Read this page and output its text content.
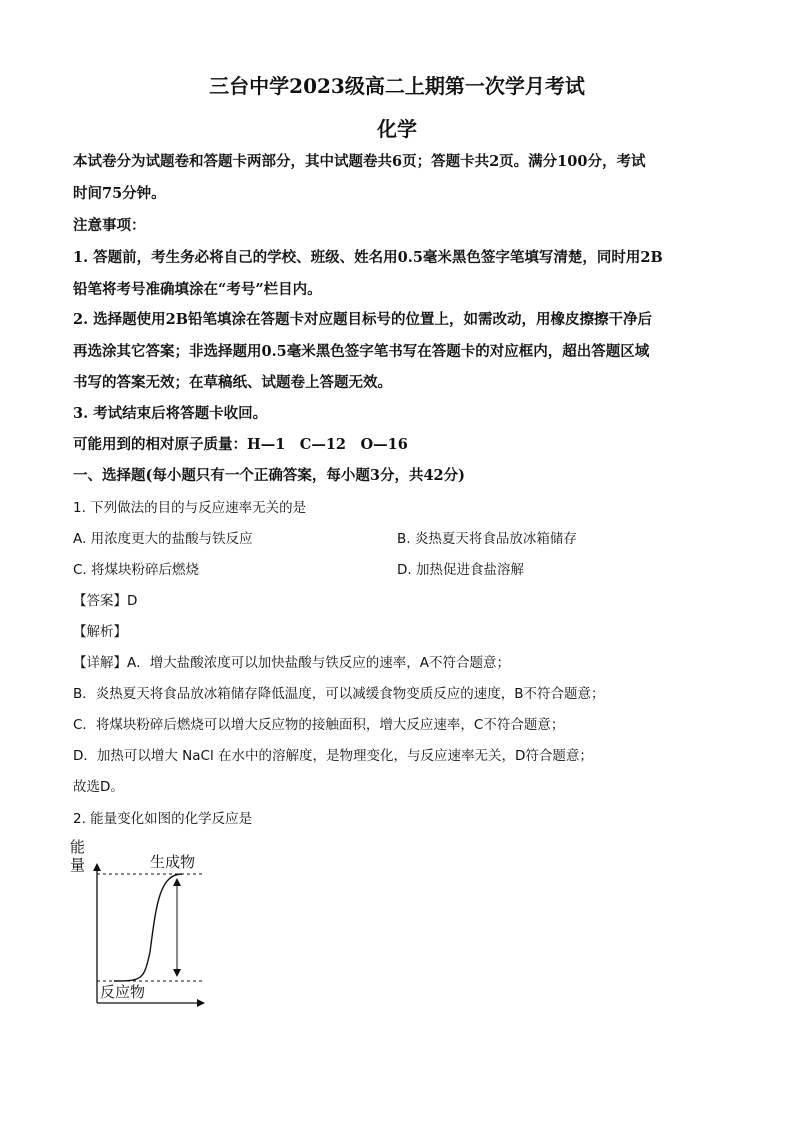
三台中学2023级高二上期第一次学月考试
化学
本试卷分为试题卷和答题卡两部分，其中试题卷共6页；答题卡共2页。满分100分，考试
时间75分钟。
注意事项：
1. 答题前，考生务必将自己的学校、班级、姓名用0.5毫米黑色签字笔填写清楚，同时用2B
铅笔将考号准确填涂在“考号”栏目内。
2. 选择题使用2B铅笔填涂在答题卡对应题目标号的位置上，如需改动，用橡皮擦擦干净后
再选涂其它答案；非选择题用0.5毫米黑色签字笔书写在答题卡的对应框内，超出答题区域
书写的答案无效；在草稿纸、试题卷上答题无效。
3. 考试结束后将答题卡收回。
可能用到的相对原子质量：H—1　C—12　O—16
一、选择题(每小题只有一个正确答案，每小题3分，共42分)
1. 下列做法的目的与反应速率无关的是
A. 用浓度更大的盐酸与铁反应	B. 炎热夏天将食品放冰箱储存
C. 将煤块粉碎后燃烧	D. 加热促进食盐溶解
【答案】D
【解析】
【详解】A．增大盐酸浓度可以加快盐酸与铁反应的速率，A不符合题意；
B．炎热夏天将食品放冰箱储存降低温度，可以减缓食物变质反应的速度，B不符合题意；
C．将煤块粉碎后燃烧可以增大反应物的接触面积，增大反应速率，C不符合题意；
D．加热可以增大 NaCl 在水中的溶解度，是物理变化，与反应速率无关，D符合题意；
故选D。
2. 能量变化如图的化学反应是
能
量	生成物
反应物
